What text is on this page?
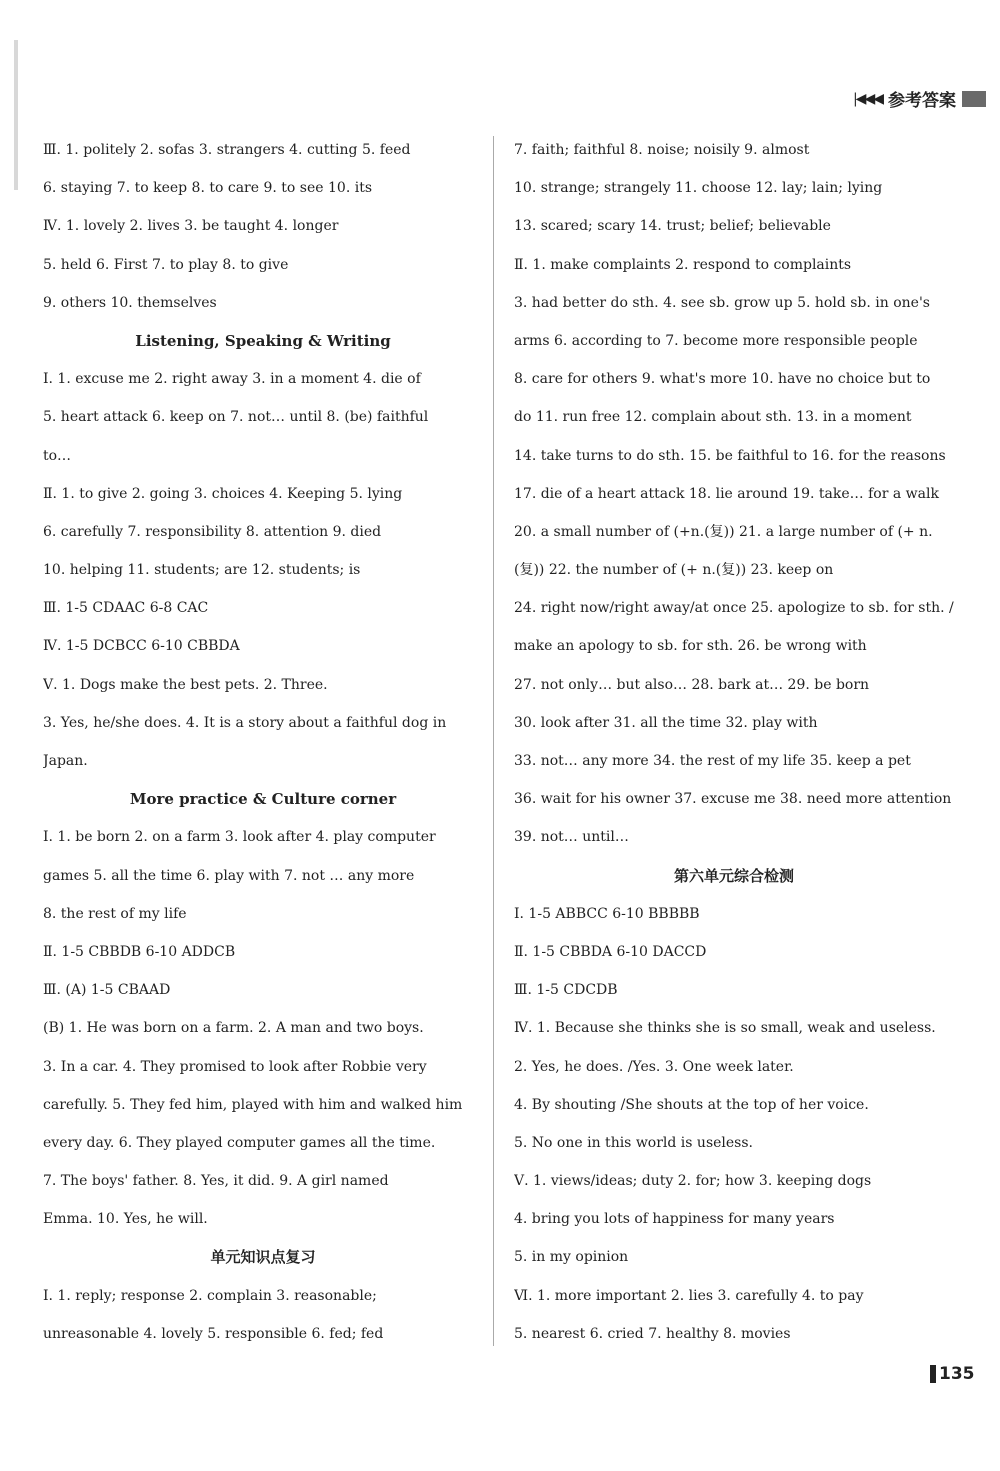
|◀◀◀ 参考答案
Ⅲ. 1. politely 2. sofas 3. strangers 4. cutting 5. feed
6. staying 7. to keep 8. to care 9. to see 10. its
Ⅳ. 1. lovely 2. lives 3. be taught 4. longer
5. held 6. First 7. to play 8. to give
9. others 10. themselves
Listening, Speaking & Writing
Ⅰ. 1. excuse me 2. right away 3. in a moment 4. die of
5. heart attack 6. keep on 7. not… until 8. (be) faithful
to…
Ⅱ. 1. to give 2. going 3. choices 4. Keeping 5. lying
6. carefully 7. responsibility 8. attention 9. died
10. helping 11. students; are 12. students; is
Ⅲ. 1-5 CDAAC 6-8 CAC
Ⅳ. 1-5 DCBCC 6-10 CBBDA
Ⅴ. 1. Dogs make the best pets. 2. Three.
3. Yes, he/she does. 4. It is a story about a faithful dog in
Japan.
More practice & Culture corner
Ⅰ. 1. be born 2. on a farm 3. look after 4. play computer
games 5. all the time 6. play with 7. not … any more
8. the rest of my life
Ⅱ. 1-5 CBBDB 6-10 ADDCB
Ⅲ. (A) 1-5 CBAAD
(B) 1. He was born on a farm. 2. A man and two boys.
3. In a car. 4. They promised to look after Robbie very
carefully. 5. They fed him, played with him and walked him
every day. 6. They played computer games all the time.
7. The boys' father. 8. Yes, it did. 9. A girl named
Emma. 10. Yes, he will.
单元知识点复习
Ⅰ. 1. reply; response 2. complain 3. reasonable;
unreasonable 4. lovely 5. responsible 6. fed; fed
7. faith; faithful 8. noise; noisily 9. almost
10. strange; strangely 11. choose 12. lay; lain; lying
13. scared; scary 14. trust; belief; believable
Ⅱ. 1. make complaints 2. respond to complaints
3. had better do sth. 4. see sb. grow up 5. hold sb. in one's
arms 6. according to 7. become more responsible people
8. care for others 9. what's more 10. have no choice but to
do 11. run free 12. complain about sth. 13. in a moment
14. take turns to do sth. 15. be faithful to 16. for the reasons
17. die of a heart attack 18. lie around 19. take… for a walk
20. a small number of (+n.(复)) 21. a large number of (+ n.
(复)) 22. the number of (+ n.(复)) 23. keep on
24. right now/right away/at once 25. apologize to sb. for sth. /
make an apology to sb. for sth. 26. be wrong with
27. not only… but also… 28. bark at… 29. be born
30. look after 31. all the time 32. play with
33. not… any more 34. the rest of my life 35. keep a pet
36. wait for his owner 37. excuse me 38. need more attention
39. not… until…
第六单元综合检测
Ⅰ. 1-5 ABBCC 6-10 BBBBB
Ⅱ. 1-5 CBBDA 6-10 DACCD
Ⅲ. 1-5 CDCDB
Ⅳ. 1. Because she thinks she is so small, weak and useless.
2. Yes, he does. /Yes. 3. One week later.
4. By shouting /She shouts at the top of her voice.
5. No one in this world is useless.
Ⅴ. 1. views/ideas; duty 2. for; how 3. keeping dogs
4. bring you lots of happiness for many years
5. in my opinion
Ⅵ. 1. more important 2. lies 3. carefully 4. to pay
5. nearest 6. cried 7. healthy 8. movies
135
